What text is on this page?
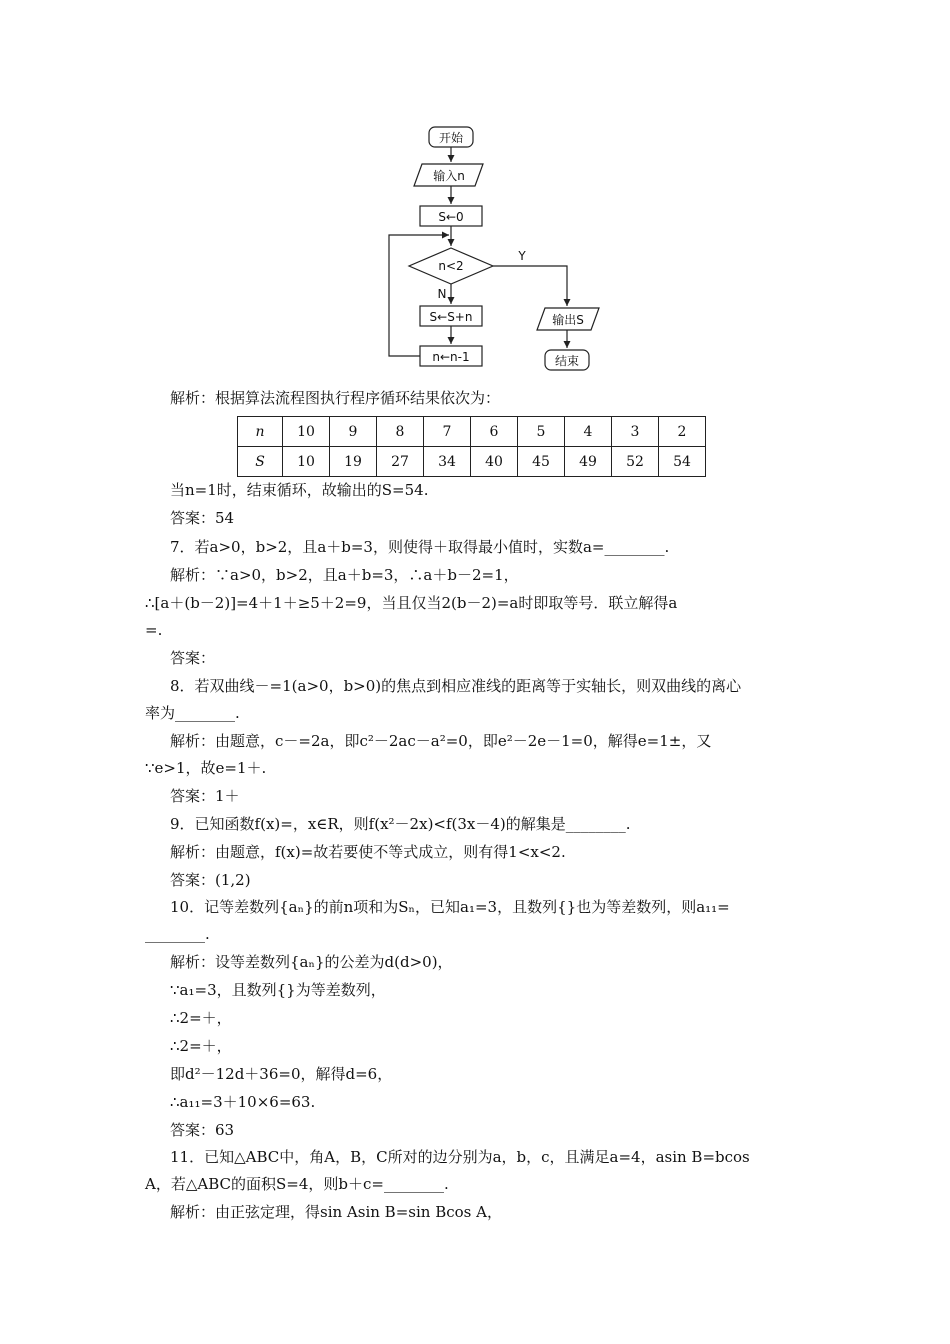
开始
输入n
S←0
n<2
Y
N
S←S+n
n←n-1
输出S
结束
解析：根据算法流程图执行程序循环结果依次为：
n	10	9	8	7	6	5	4	3	2
S	10	19	27	34	40	45	49	52	54
当n=1时，结束循环，故输出的S=54.
答案：54
7．若a>0，b>2，且a＋b=3，则使得＋取得最小值时，实数a=________.
解析：∵a>0，b>2，且a＋b=3，∴a＋b－2=1，
∴[a＋(b－2)]=4＋1＋≥5＋2=9，当且仅当2(b－2)=a时即取等号．联立解得a
=.
答案：
8．若双曲线－=1(a>0，b>0)的焦点到相应准线的距离等于实轴长，则双曲线的离心
率为________.
解析：由题意，c－=2a，即c²－2ac－a²=0，即e²－2e－1=0，解得e=1±，又
∵e>1，故e=1＋.
答案：1＋
9．已知函数f(x)=，x∈R，则f(x²－2x)<f(3x－4)的解集是________.
解析：由题意，f(x)=故若要使不等式成立，则有得1<x<2.
答案：(1,2)
10．记等差数列{aₙ}的前n项和为Sₙ，已知a₁=3，且数列{}也为等差数列，则a₁₁=
________.
解析：设等差数列{aₙ}的公差为d(d>0)，
∵a₁=3，且数列{}为等差数列，
∴2=＋，
∴2=＋，
即d²－12d＋36=0，解得d=6，
∴a₁₁=3＋10×6=63.
答案：63
11．已知△ABC中，角A，B，C所对的边分别为a，b，c，且满足a=4，asin B=bcos
A，若△ABC的面积S=4，则b＋c=________.
解析：由正弦定理，得sin Asin B=sin Bcos A，
